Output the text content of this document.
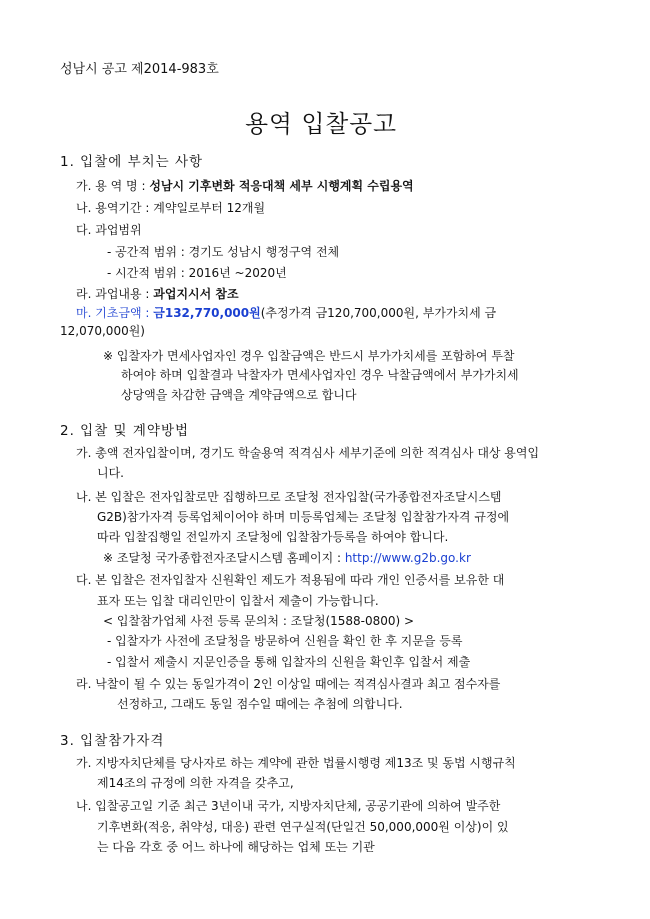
성남시 공고 제2014-983호
용역 입찰공고
1. 입찰에 부치는 사항
가. 용 역 명 : 성남시 기후변화 적응대책 세부 시행계획 수립용역
나. 용역기간 : 계약일로부터 12개월
다. 과업범위
- 공간적 범위 : 경기도 성남시 행정구역 전체
- 시간적 범위 : 2016년 ~2020년
라. 과업내용 : 과업지시서 참조
마. 기초금액 : 금132,770,000원(추정가격 금120,700,000원, 부가가치세 금
12,070,000원)
※ 입찰자가 면세사업자인 경우 입찰금액은 반드시 부가가치세를 포함하여 투찰
하여야 하며 입찰결과 낙찰자가 면세사업자인 경우 낙찰금액에서 부가가치세
상당액을 차감한 금액을 계약금액으로 합니다
2. 입찰 및 계약방법
가. 총액 전자입찰이며, 경기도 학술용역 적격심사 세부기준에 의한 적격심사 대상 용역입
니다.
나. 본 입찰은 전자입찰로만 집행하므로 조달청 전자입찰(국가종합전자조달시스템
G2B)참가자격 등록업체이어야 하며 미등록업체는 조달청 입찰참가자격 규정에
따라 입찰집행일 전일까지 조달청에 입찰참가등록을 하여야 합니다.
※ 조달청 국가종합전자조달시스템 홈페이지 : http://www.g2b.go.kr
다. 본 입찰은 전자입찰자 신원확인 제도가 적용됨에 따라 개인 인증서를 보유한 대
표자 또는 입찰 대리인만이 입찰서 제출이 가능합니다.
< 입찰참가업체 사전 등록 문의처 : 조달청(1588-0800) >
- 입찰자가 사전에 조달청을 방문하여 신원을 확인 한 후 지문을 등록
- 입찰서 제출시 지문인증을 통해 입찰자의 신원을 확인후 입찰서 제출
라. 낙찰이 될 수 있는 동일가격이 2인 이상일 때에는 적격심사결과 최고 점수자를
선정하고, 그래도 동일 점수일 때에는 추첨에 의합니다.
3. 입찰참가자격
가. 지방자치단체를 당사자로 하는 계약에 관한 법률시행령 제13조 및 동법 시행규칙
제14조의 규정에 의한 자격을 갖추고,
나. 입찰공고일 기준 최근 3년이내 국가, 지방자치단체, 공공기관에 의하여 발주한
기후변화(적응, 취약성, 대응) 관련 연구실적(단일건 50,000,000원 이상)이 있
는 다음 각호 중 어느 하나에 해당하는 업체 또는 기관
